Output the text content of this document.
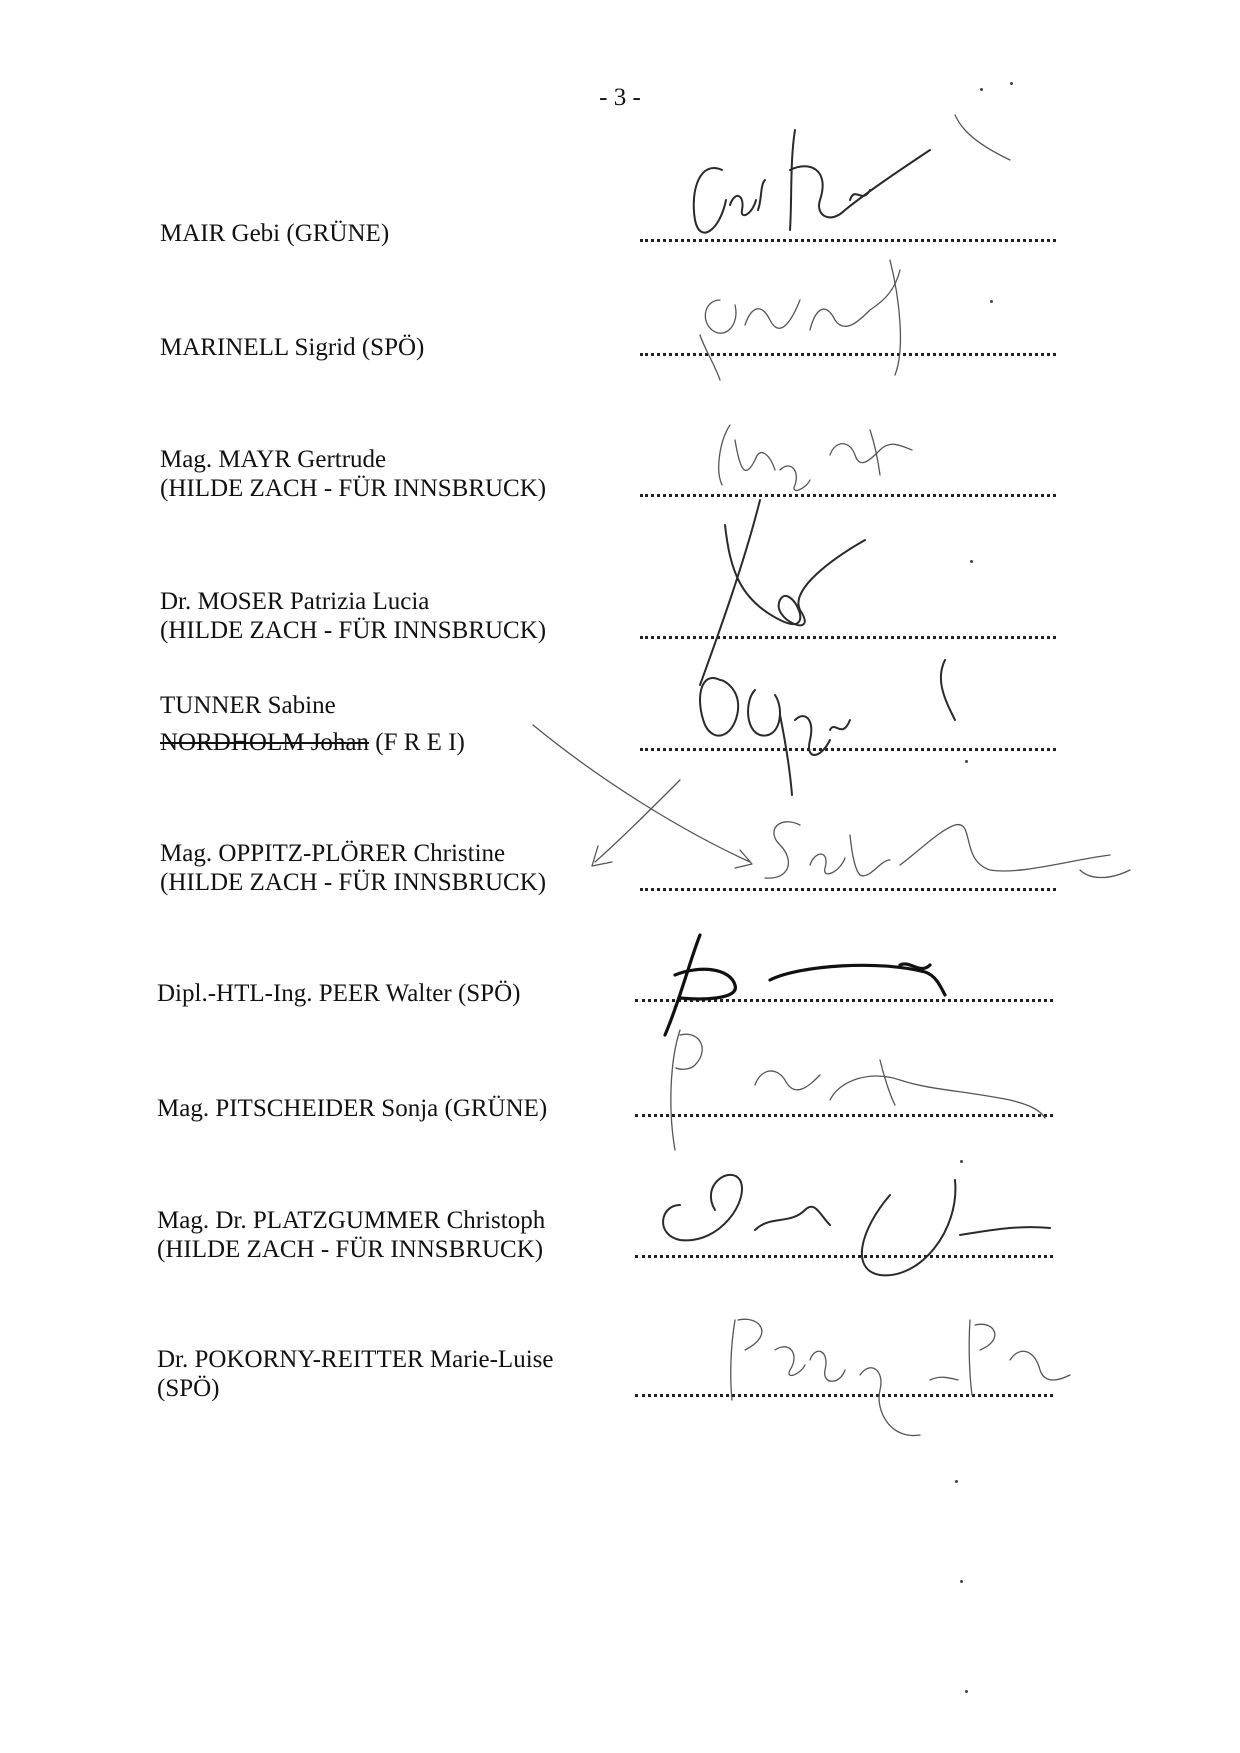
- 3 -
MAIR Gebi (GRÜNE)
MARINELL Sigrid (SPÖ)
Mag. MAYR Gertrude
(HILDE ZACH - FÜR INNSBRUCK)
Dr. MOSER Patrizia Lucia
(HILDE ZACH - FÜR INNSBRUCK)
TUNNER Sabine
NORDHOLM Johan (F R E I)
Mag. OPPITZ-PLÖRER Christine
(HILDE ZACH - FÜR INNSBRUCK)
Dipl.-HTL-Ing. PEER Walter (SPÖ)
Mag. PITSCHEIDER Sonja (GRÜNE)
Mag. Dr. PLATZGUMMER Christoph
(HILDE ZACH - FÜR INNSBRUCK)
Dr. POKORNY-REITTER Marie-Luise
(SPÖ)
